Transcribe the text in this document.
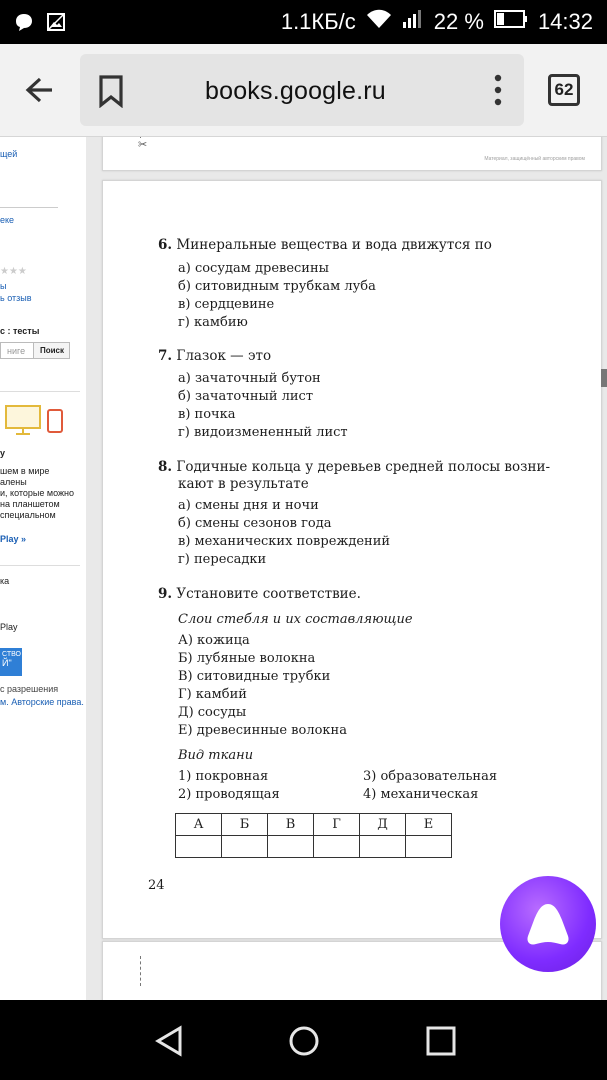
1.1КБ/с	22 % 14:32
books.google.ru	62
щей
еке
★★★
ы
ь отзыв
с : тесты
ниге	Поиск
у
шем в мире
алены
и, которые можно
на планшетом
специальном
Play »
ка
Play
СТВО
Й"
с разрешения
м. Авторские права.
✂
Материал, защищённый авторским правом
6. Минеральные вещества и вода движутся по
а) сосудам древесины
б) ситовидным трубкам луба
в) сердцевине
г) камбию
7. Глазок — это
а) зачаточный бутон
б) зачаточный лист
в) почка
г) видоизмененный лист
8. Годичные кольца у деревьев средней полосы возни-
кают в результате
а) смены дня и ночи
б) смены сезонов года
в) механических повреждений
г) пересадки
9. Установите соответствие.
Слои стебля и их составляющие
А) кожица
Б) лубяные волокна
В) ситовидные трубки
Г) камбий
Д) сосуды
Е) древесинные волокна
Вид ткани
1) покровная
2) проводящая
3) образовательная
4) механическая
А	Б	В	Г	Д	Е

24
